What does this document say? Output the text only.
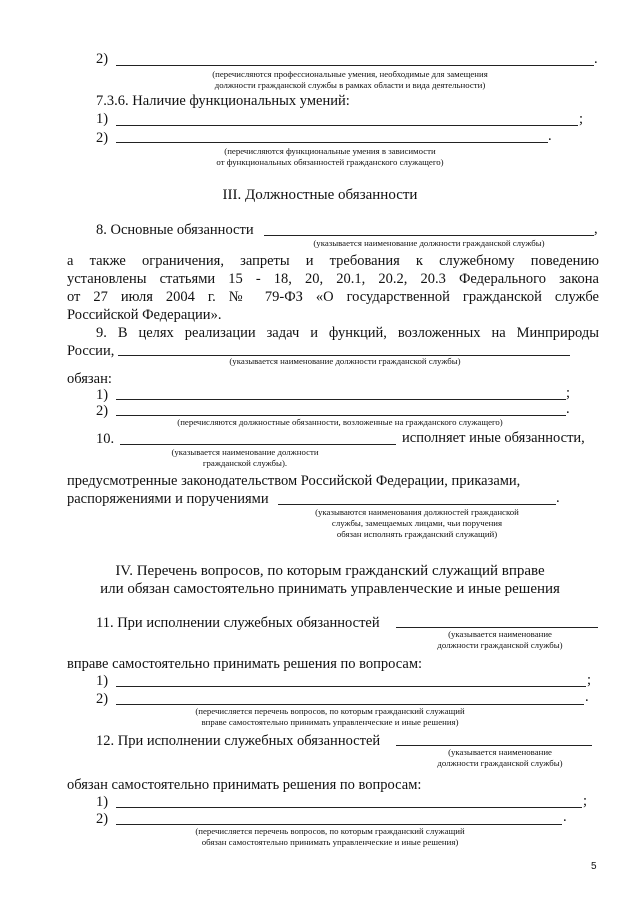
2)	.
(перечисляются профессиональные умения, необходимые для замещения
должности гражданской службы в рамках области и вида деятельности)
7.3.6. Наличие функциональных умений:
1)	;
2)	.
(перечисляются функциональные умения в зависимости
от функциональных обязанностей гражданского служащего)
III. Должностные обязанности
8. Основные обязанности	,
(указывается наименование должности гражданской службы)
а также ограничения, запреты и требования к служебному поведению
установлены статьями 15 - 18, 20, 20.1, 20.2, 20.3 Федерального закона
от 27 июля 2004 г. № 79-ФЗ «О государственной гражданской службе
Российской Федерации».
9. В целях реализации задач и функций, возложенных на Минприроды
России,
(указывается наименование должности гражданской службы)
обязан:
1)	;
2)	.
(перечисляются должностные обязанности, возложенные на гражданского служащего)
10.	исполняет иные обязанности,
(указывается наименование должности
гражданской службы).
предусмотренные законодательством Российской Федерации, приказами,
распоряжениями и поручениями	.
(указываются наименования должностей гражданской
службы, замещаемых лицами, чьи поручения
обязан исполнять гражданский служащий)
IV. Перечень вопросов, по которым гражданский служащий вправе
или обязан самостоятельно принимать управленческие и иные решения
11. При исполнении служебных обязанностей
(указывается наименование
должности гражданской службы)
вправе самостоятельно принимать решения по вопросам:
1)	;
2)	.
(перечисляется перечень вопросов, по которым гражданский служащий
вправе самостоятельно принимать управленческие и иные решения)
12. При исполнении служебных обязанностей
(указывается наименование
должности гражданской службы)
обязан самостоятельно принимать решения по вопросам:
1)	;
2)	.
(перечисляется перечень вопросов, по которым гражданский служащий
обязан самостоятельно принимать управленческие и иные решения)
5
